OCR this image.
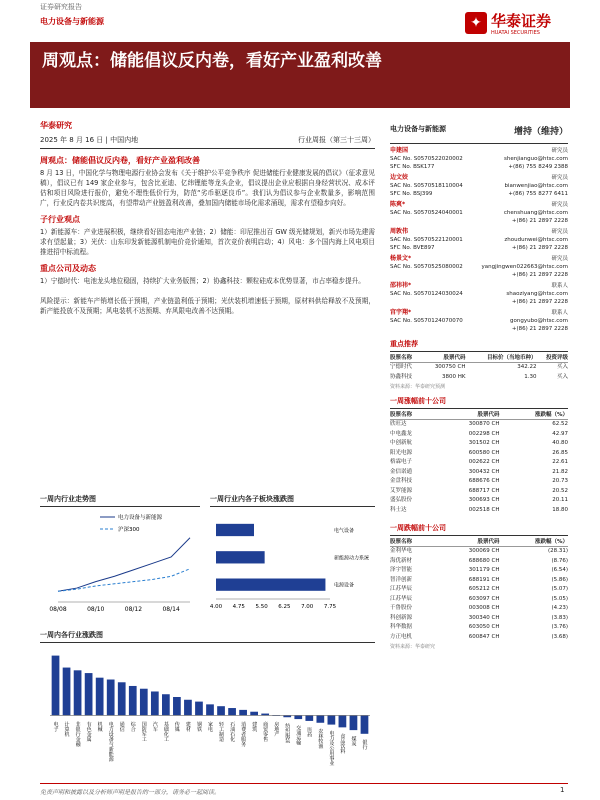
证券研究报告
电力设备与新能源	✦ 华泰证券
HUATAI SECURITIES
周观点：储能倡议反内卷，看好产业盈利改善
华泰研究
2025 年 8 月 16 日 | 中国内地	行业周报（第三十三周）
周观点：储能倡议反内卷，看好产业盈利改善
8 月 13 日，中国化学与物理电源行业协会发布《关于维护公平竞争秩序 促进储能行业健康发展的倡议》（征求意见稿），倡议已有 149 家企业参与，包含比亚迪、亿纬锂能等龙头企业，倡议提出企业应根据自身经营状况、成本评估和项目风险进行报价，避免不理性低价行为，防范“劣币驱逐良币”。我们认为倡议参与企业数量多，影响范围广，行业反内卷共识度高，有望带动产业链盈利改善，叠加国内储能市场化需求涌现，需求有望稳步向好。
子行业观点
1）新能源车：产业进展积极，继续看好固态电池产业链；2）储能：印尼推出百 GW 级光储规划，新兴市场先建需求有望起量；3）光伏：山东印发新能源机制电价竞价通知，首次竞价表明启动；4）风电：多个国内海上风电项目推进招中标流程。
重点公司及动态
1）宁德时代：电池龙头地位稳固，持续扩大业务版图；2）协鑫科技：颗粒硅成本优势显著，市占率稳步提升。
风险提示：新能车产销增长低于预期，产业链盈利低于预期；光伏装机增速低于预期，原材料供给释放不及预期，新产能投放不及预期；风电装机不达预期、弃风限电改善不达预期。
电力设备与新能源	增持（维持）
申建国	研究员
SAC No. S0570522020002	shenjianguo@htsc.com
SFC No. BSK177	+(86) 755 8249 2388
边文姣	研究员
SAC No. S0570518110004	bianwenjiao@htsc.com
SFC No. BSJ399	+(86) 755 8277 6411
陈爽*	研究员
SAC No. S0570524040001	chenshuang@htsc.com
+(86) 21 2897 2228
周敦伟	研究员
SAC No. S0570522120001	zhoudunwei@htsc.com
SFC No. BVE897	+(86) 21 2897 2228
杨景文*	研究员
SAC No. S0570525080002	yangjingwen022663@htsc.com
+(86) 21 2897 2228
邵祎祎*	联系人
SAC No. S0570124030024	shaoziyang@htsc.com
+(86) 21 2897 2228
宫宇翔*	联系人
SAC No. S0570124070070	gongyubo@htsc.com
+(86) 21 2897 2228
重点推荐
股票名称	股票代码	目标价（当地币种）	投资评级
宁德时代	300750 CH	342.22	买入
协鑫科技	3800 HK	1.30	买入
资料来源：华泰研究预测
一周涨幅前十公司
股票名称	股票代码	涨跌幅（%）
欣旺达	300870 CH	62.52
中电鑫龙	002298 CH	42.97
中创新航	301502 CH	40.80
阳光电源	600580 CH	26.85
格霖电子	002622 CH	22.61
金信诺通	300432 CH	21.82
金盘科技	688676 CH	20.73
艾罗能源	688717 CH	20.52
盛弘股份	300693 CH	20.11
科士达	002518 CH	18.80
一周跌幅前十公司
股票名称	股票代码	涨跌幅（%）
金利华电	300069 CH	(28.31)
海优新材	688680 CH	(8.76)
泽宇智能	301179 CH	(6.54)
智洋创新	688191 CH	(5.86)
江苏华辰	605212 CH	(5.07)
江苏华辰	603097 CH	(5.05)
千鲁股份	003008 CH	(4.23)
科创新源	300340 CH	(3.83)
科华数据	603050 CH	(3.76)
方正电机	600847 CH	(3.68)
资料来源：华泰研究
一周内行业走势图
08/08	08/10	08/12	08/14
电力设备与新能源
沪深300
一周行业内各子板块涨跌图
电气设备
新能源动力系统
电源设备
4.00 4.75 5.50 6.25 7.00 7.75
一周内各行业涨跌图
电子 计算机 非银行金融 有色金属 机械 电力设备与新能源 通信 综合 国防军工 汽车 基础化工 传媒 建材 钢铁 家电 轻工制造 石油石化 消费者服务 建筑 商贸零售 房地产 纺织服装 交通运输 医药 农林牧渔 电力及公用事业 食品饮料 煤炭 银行
免责声明和披露以及分析师声明是报告的一部分，请务必一起阅读。	1
